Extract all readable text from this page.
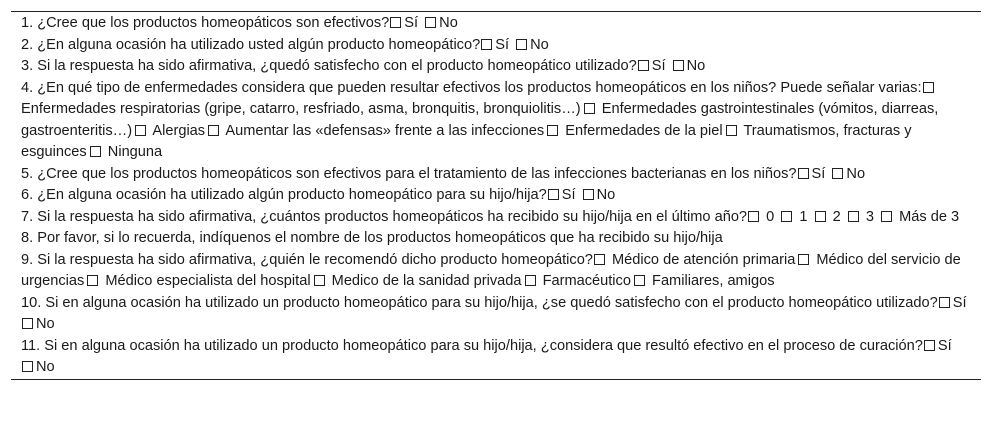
1. ¿Cree que los productos homeopáticos son efectivos? Sí No

2. ¿En alguna ocasión ha utilizado usted algún producto homeopático? Sí No

3. Si la respuesta ha sido afirmativa, ¿quedó satisfecho con el producto homeopático utilizado? Sí No

4. ¿En qué tipo de enfermedades considera que pueden resultar efectivos los productos homeopáticos en los niños? Puede señalar varias: Enfermedades respiratorias (gripe, catarro, resfriado, asma, bronquitis, bronquiolitis…) Enfermedades gastrointestinales (vómitos, diarreas, gastroenteritis…) Alergias Aumentar las «defensas» frente a las infecciones Enfermedades de la piel Traumatismos, fracturas y esguinces Ninguna

5. ¿Cree que los productos homeopáticos son efectivos para el tratamiento de las infecciones bacterianas en los niños? Sí No

6. ¿En alguna ocasión ha utilizado algún producto homeopático para su hijo/hija? Sí No

7. Si la respuesta ha sido afirmativa, ¿cuántos productos homeopáticos ha recibido su hijo/hija en el último año? 0 1 2 3 Más de 3

8. Por favor, si lo recuerda, indíquenos el nombre de los productos homeopáticos que ha recibido su hijo/hija

9. Si la respuesta ha sido afirmativa, ¿quién le recomendó dicho producto homeopático? Médico de atención primaria Médico del servicio de urgencias Médico especialista del hospital Medico de la sanidad privada Farmacéutico Familiares, amigos

10. Si en alguna ocasión ha utilizado un producto homeopático para su hijo/hija, ¿se quedó satisfecho con el producto homeopático utilizado? Sí No

11. Si en alguna ocasión ha utilizado un producto homeopático para su hijo/hija, ¿considera que resultó efectivo en el proceso de curación? Sí No
